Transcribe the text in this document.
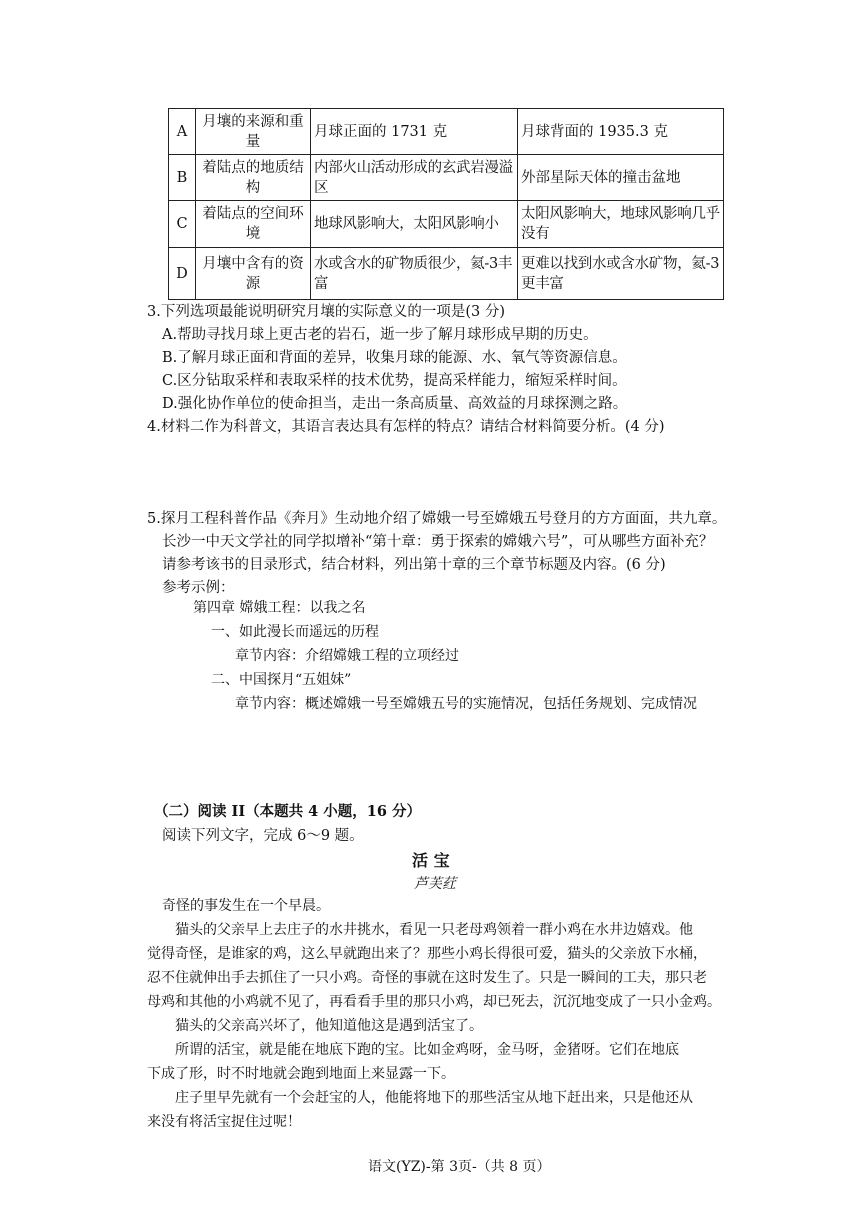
A	月壤的来源和重量	月球正面的 1731 克	月球背面的 1935.3 克
B	着陆点的地质结构	内部火山活动形成的玄武岩漫溢区	外部星际天体的撞击盆地
C	着陆点的空间环境	地球风影响大，太阳风影响小	太阳风影响大，地球风影响几乎没有
D	月壤中含有的资源	水或含水的矿物质很少，氦-3丰富	更难以找到水或含水矿物，氦-3 更丰富
3.下列选项最能说明研究月壤的实际意义的一项是(3 分)
A.帮助寻找月球上更古老的岩石，逝一步了解月球形成早期的历史。
B.了解月球正面和背面的差异，收集月球的能源、水、氧气等资源信息。
C.区分钻取采样和表取采样的技术优势，提高采样能力，缩短采样时间。
D.强化协作单位的使命担当，走出一条高质量、高效益的月球探测之路。
4.材料二作为科普文，其语言表达具有怎样的特点？请结合材料简要分析。(4 分)
5.探月工程科普作品《奔月》生动地介绍了嫦娥一号至嫦娥五号登月的方方面面，共九章。
长沙一中天文学社的同学拟增补“第十章：勇于探索的嫦娥六号”，可从哪些方面补充？
请参考该书的目录形式，结合材料，列出第十章的三个章节标题及内容。(6 分)
参考示例：
第四章 嫦娥工程：以我之名
一、如此漫长而遥远的历程
章节内容：介绍嫦娥工程的立项经过
二、中国探月“五姐妹”
章节内容：概述嫦娥一号至嫦娥五号的实施情况，包括任务规划、完成情况
（二）阅读 II（本题共 4 小题，16 分）
阅读下列文字，完成 6～9 题。
活 宝
芦芙荭
奇怪的事发生在一个早晨。
猫头的父亲早上去庄子的水井挑水，看见一只老母鸡领着一群小鸡在水井边嬉戏。他
觉得奇怪，是谁家的鸡，这么早就跑出来了？那些小鸡长得很可爱，猫头的父亲放下水桶，
忍不住就伸出手去抓住了一只小鸡。奇怪的事就在这时发生了。只是一瞬间的工夫，那只老
母鸡和其他的小鸡就不见了，再看看手里的那只小鸡，却已死去，沉沉地变成了一只小金鸡。
猫头的父亲高兴坏了，他知道他这是遇到活宝了。
所谓的活宝，就是能在地底下跑的宝。比如金鸡呀，金马呀，金猪呀。它们在地底
下成了形，时不时地就会跑到地面上来显露一下。
庄子里早先就有一个会赶宝的人，他能将地下的那些活宝从地下赶出来，只是他还从
来没有将活宝捉住过呢！
语文(YZ)-第 3页-（共 8 页）
